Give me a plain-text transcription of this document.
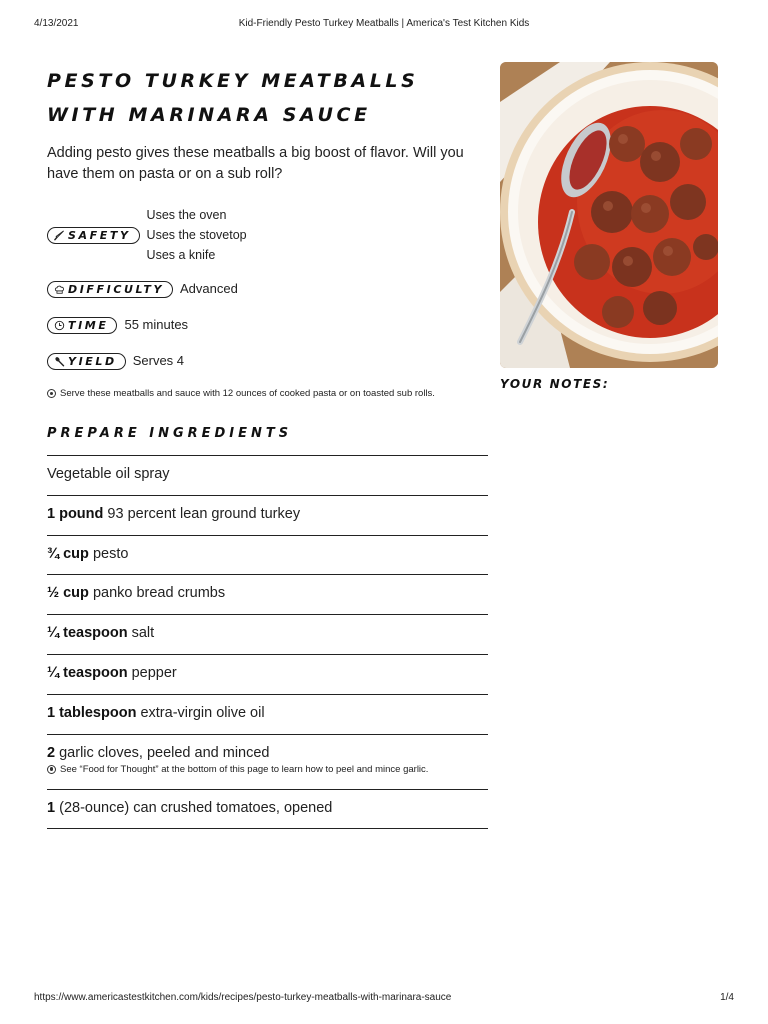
4/13/2021	Kid-Friendly Pesto Turkey Meatballs | America's Test Kitchen Kids
PESTO TURKEY MEATBALLS WITH MARINARA SAUCE

Adding pesto gives these meatballs a big boost of flavor. Will you have them on pasta or on a sub roll?

SAFETY
Uses the oven
Uses the stovetop
Uses a knife
DIFFICULTY Advanced
TIME 55 minutes
YIELD Serves 4
Serve these meatballs and sauce with 12 ounces of cooked pasta or on toasted sub rolls.
PREPARE INGREDIENTS
Vegetable oil spray
1 pound 93 percent lean ground turkey
¾ cup pesto
½ cup panko bread crumbs
¼ teaspoon salt
¼ teaspoon pepper
1 tablespoon extra-virgin olive oil
2 garlic cloves, peeled and minced
See “Food for Thought” at the bottom of this page to learn how to peel and mince garlic.
1 (28-ounce) can crushed tomatoes, opened
YOUR NOTES:
https://www.americastestkitchen.com/kids/recipes/pesto-turkey-meatballs-with-marinara-sauce	1/4
